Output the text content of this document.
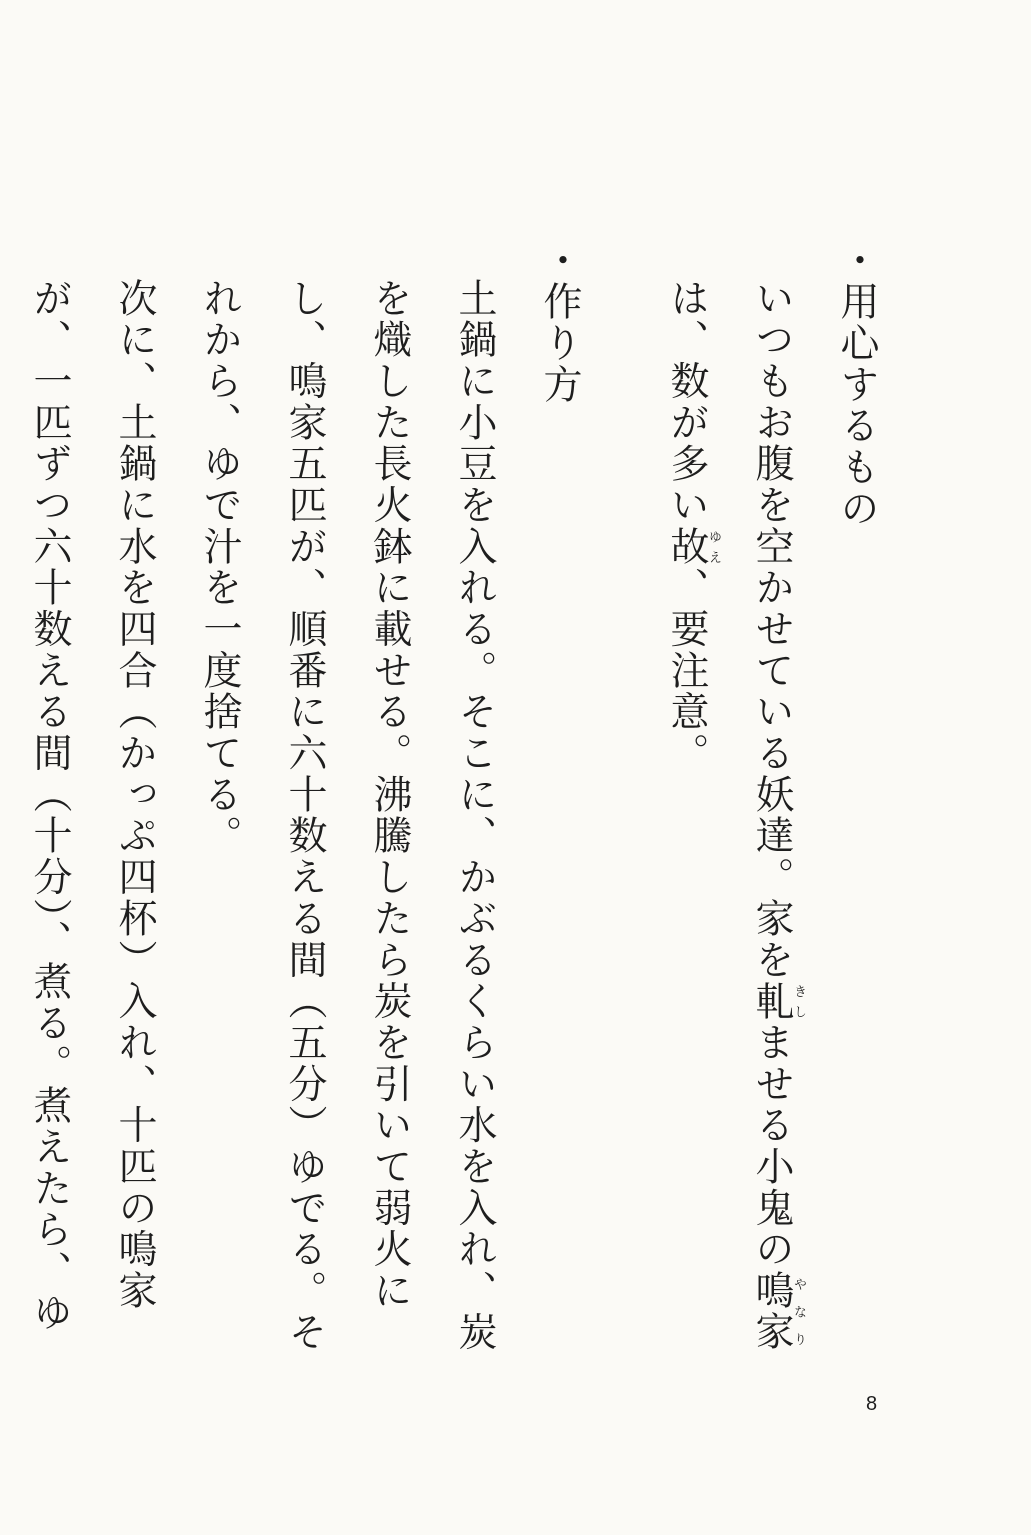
・用心するもの

いつもお腹を空かせている妖達。家を軋きしませる小鬼の鳴家やなりは、数が多い故ゆえ、要注意。

・作り方

土鍋に小豆を入れる。そこに、かぶるくらい水を入れ、炭を熾した長火鉢に載せる。沸騰したら炭を引いて弱火にし、鳴家五匹が、順番に六十数える間（五分）ゆでる。それから、ゆで汁を一度捨てる。

次に、土鍋に水を四合（かっぷ四杯）入れ、十匹の鳴家が、一匹ずつ六十数える間（十分）、煮る。煮えたら、ゆ

8
